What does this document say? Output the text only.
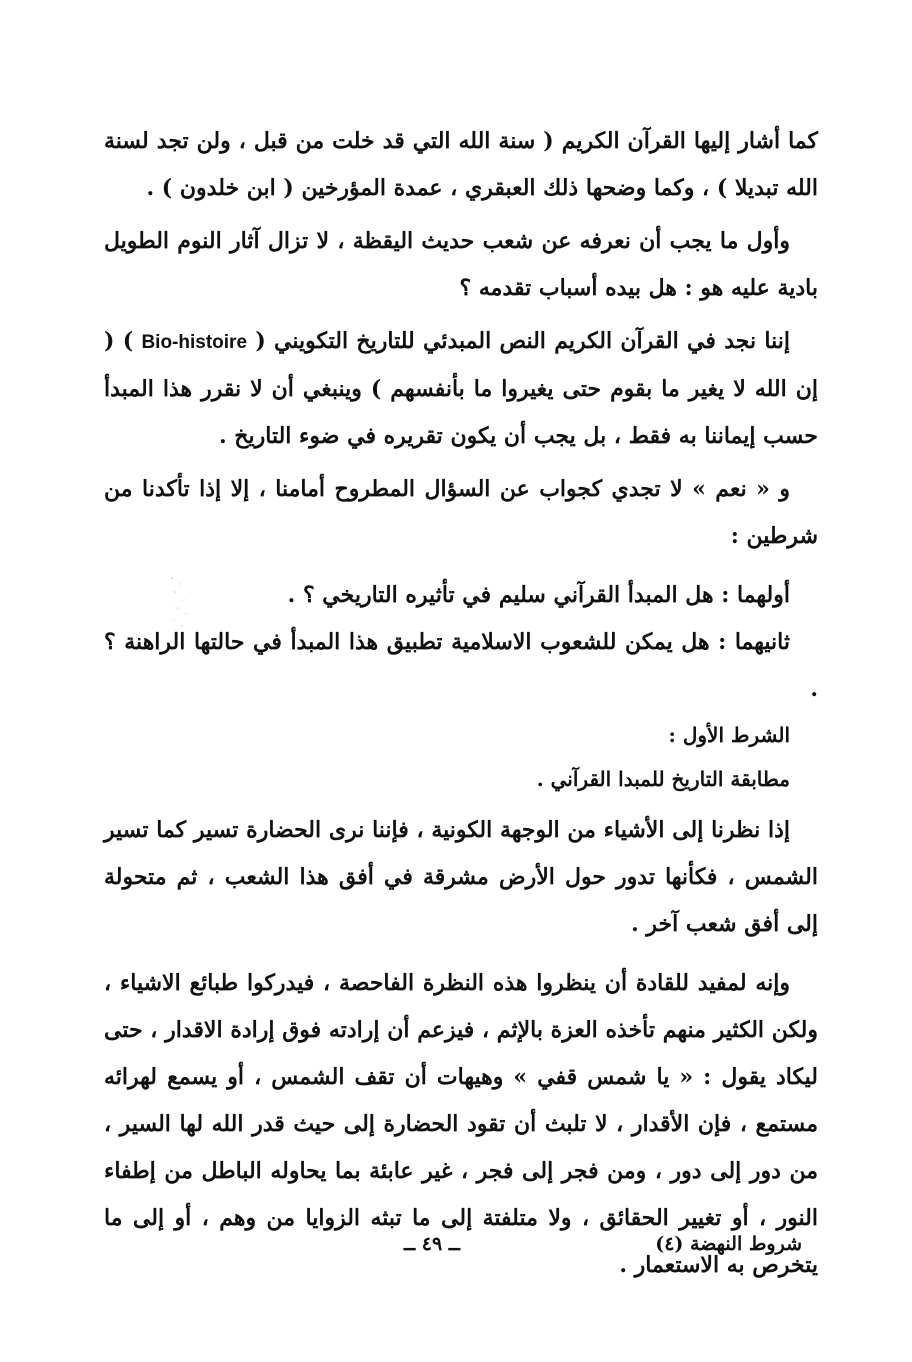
كما أشار إليها القرآن الكريم ( سنة الله التي قد خلت من قبل ، ولن تجد لسنة الله تبديلا ) ، وكما وضحها ذلك العبقري ، عمدة المؤرخين ( ابن خلدون ) .

وأول ما يجب أن نعرفه عن شعب حديث اليقظة ، لا تزال آثار النوم الطويل بادية عليه هو : هل بيده أسباب تقدمه ؟

إننا نجد في القرآن الكريم النص المبدئي للتاريخ التكويني ( Bio-histoire ) ( إن الله لا يغير ما بقوم حتى يغيروا ما بأنفسهم ) وينبغي أن لا نقرر هذا المبدأ حسب إيماننا به فقط ، بل يجب أن يكون تقريره في ضوء التاريخ .

و « نعم » لا تجدي كجواب عن السؤال المطروح أمامنا ، إلا إذا تأكدنا من شرطين :

أولهما : هل المبدأ القرآني سليم في تأثيره التاريخي ؟ .

ثانيهما : هل يمكن للشعوب الاسلامية تطبيق هذا المبدأ في حالتها الراهنة ؟ .

الشرط الأول :

مطابقة التاريخ للمبدا القرآني .

إذا نظرنا إلى الأشياء من الوجهة الكونية ، فإننا نرى الحضارة تسير كما تسير الشمس ، فكأنها تدور حول الأرض مشرقة في أفق هذا الشعب ، ثم متحولة إلى أفق شعب آخر .

وإنه لمفيد للقادة أن ينظروا هذه النظرة الفاحصة ، فيدركوا طبائع الاشياء ، ولكن الكثير منهم تأخذه العزة بالإثم ، فيزعم أن إرادته فوق إرادة الاقدار ، حتى ليكاد يقول : « يا شمس قفي » وهيهات أن تقف الشمس ، أو يسمع لهرائه مستمع ، فإن الأقدار ، لا تلبث أن تقود الحضارة إلى حيث قدر الله لها السير ، من دور إلى دور ، ومن فجر إلى فجر ، غير عابئة بما يحاوله الباطل من إطفاء النور ، أو تغيير الحقائق ، ولا متلفتة إلى ما تبثه الزوايا من وهم ، أو إلى ما يتخرص به الاستعمار .

شروط النهضة (٤)
ــ ٤٩ ــ
